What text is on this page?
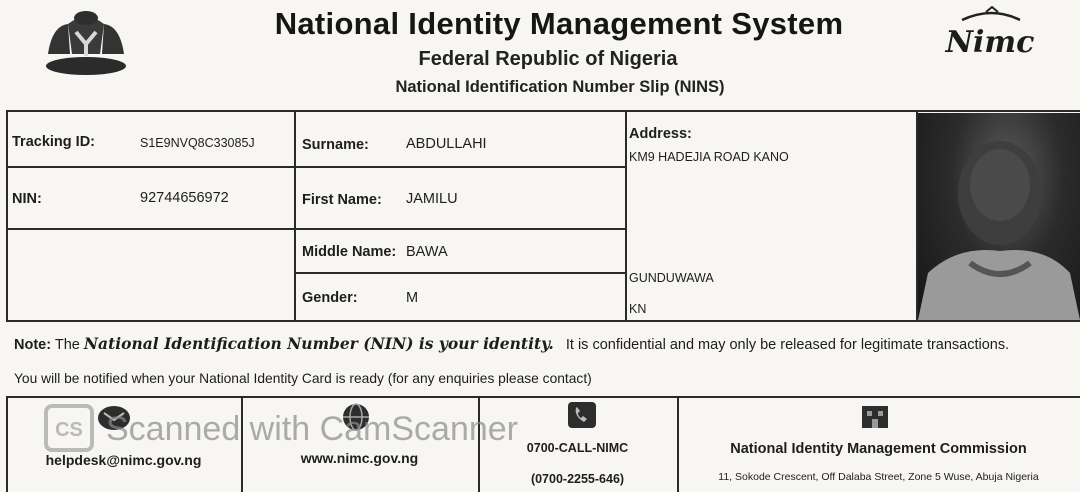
National Identity Management System
Federal Republic of Nigeria
National Identification Number Slip (NINS)
Nimc
Tracking ID:	S1E9NVQ8C33085J
NIN:	92744656972
Surname:	ABDULLAHI
First Name: JAMILU
Middle Name: BAWA
Gender:	M
Address:
KM9 HADEJIA ROAD KANO
GUNDUWAWA
KN
Note: The National Identification Number (NIN) is your identity. It is confidential and may only be released for legitimate transactions.
You will be notified when your National Identity Card is ready (for any enquiries please contact)
helpdesk@nimc.gov.ng	www.nimc.gov.ng
0700-CALL-NIMC
(0700-2255-646)
National Identity Management Commission
11, Sokode Crescent, Off Dalaba Street, Zone 5 Wuse, Abuja Nigeria
CS Scanned with CamScanner
